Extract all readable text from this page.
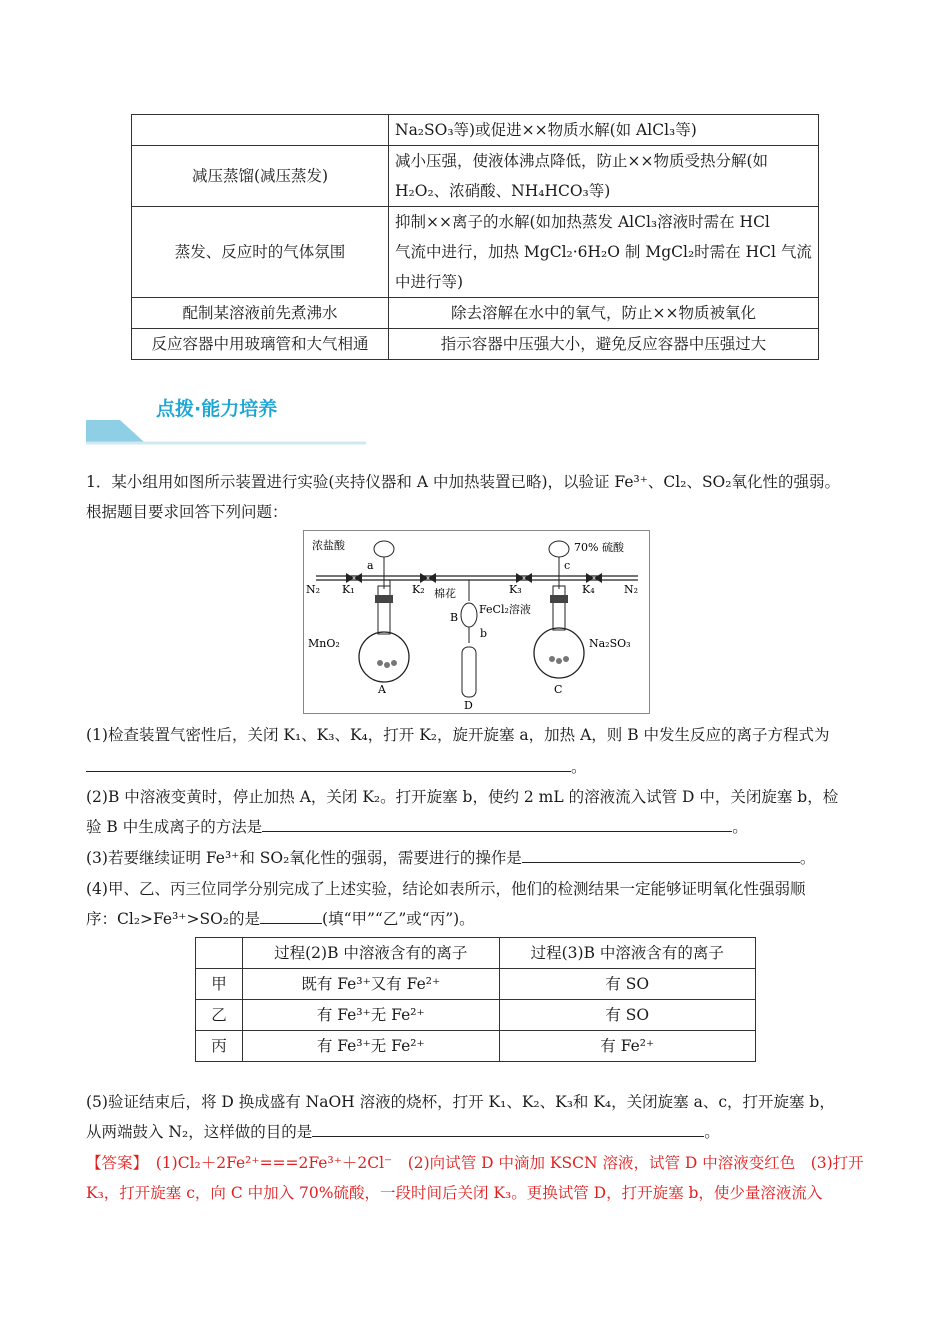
	Na₂SO₃等)或促进××物质水解(如 AlCl₃等)
减压蒸馏(减压蒸发)	减小压强，使液体沸点降低，防止××物质受热分解(如
H₂O₂、浓硝酸、NH₄HCO₃等)

蒸发、反应时的气体氛围	抑制××离子的水解(如加热蒸发 AlCl₃溶液时需在 HCl
气流中进行，加热 MgCl₂·6H₂O 制 MgCl₂时需在 HCl 气流
中进行等)

配制某溶液前先煮沸水	除去溶解在水中的氧气，防止××物质被氧化
反应容器中用玻璃管和大气相通	指示容器中压强大小，避免反应容器中压强过大
点拨·能力培养
1．某小组用如图所示装置进行实验(夹持仪器和 A 中加热装置已略)，以验证 Fe³⁺、Cl₂、SO₂氧化性的强弱。
根据题目要求回答下列问题：
浓盐酸	70% 硫酸
a	c
N₂	N₂
K₁	K₂	K₃	K₄
棉花
FeCl₂溶液
B
b
MnO₂
A	C
Na₂SO₃
D
(1)检查装置气密性后，关闭 K₁、K₃、K₄，打开 K₂，旋开旋塞 a，加热 A，则 B 中发生反应的离子方程式为
。
(2)B 中溶液变黄时，停止加热 A，关闭 K₂。打开旋塞 b，使约 2 mL 的溶液流入试管 D 中，关闭旋塞 b，检
验 B 中生成离子的方法是	。
(3)若要继续证明 Fe³⁺和 SO₂氧化性的强弱，需要进行的操作是	。
(4)甲、乙、丙三位同学分别完成了上述实验，结论如表所示，他们的检测结果一定能够证明氧化性强弱顺
序：Cl₂>Fe³⁺>SO₂的是	(填“甲”“乙”或“丙”)。
	过程(2)B 中溶液含有的离子	过程(3)B 中溶液含有的离子
甲	既有 Fe³⁺又有 Fe²⁺	有 SO
乙	有 Fe³⁺无 Fe²⁺	有 SO
丙	有 Fe³⁺无 Fe²⁺	有 Fe²⁺
(5)验证结束后，将 D 换成盛有 NaOH 溶液的烧杯，打开 K₁、K₂、K₃和 K₄，关闭旋塞 a、c，打开旋塞 b，
从两端鼓入 N₂，这样做的目的是	。
【答案】　(1)Cl₂＋2Fe²⁺===2Fe³⁺＋2Cl⁻　(2)向试管 D 中滴加 KSCN 溶液，试管 D 中溶液变红色　(3)打开
K₃，打开旋塞 c，向 C 中加入 70%硫酸，一段时间后关闭 K₃。更换试管 D，打开旋塞 b，使少量溶液流入
